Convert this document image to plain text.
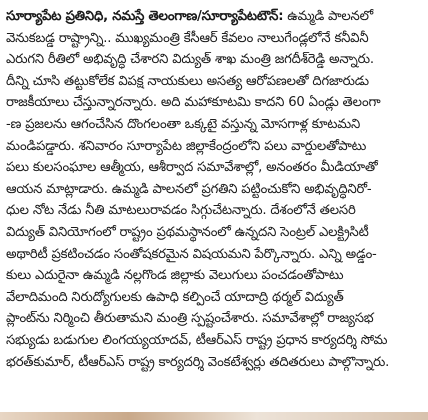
సూర్యాపేట ప్రతినిధి, నమస్తే తెలంగాణ/సూర్యాపేటటౌన్: ఉమ్మడి పాలనలో
వెనుకబడ్డ రాష్ట్రాన్ని.. ముఖ్యమంత్రి కేసీఆర్ కేవలం నాలుగేండ్లలోనే కనీవినీ
ఎరుగని రీతిలో అభివృద్ధి చేశారని విద్యుత్ శాఖ మంత్రి జగదీశ్‌రెడ్డి అన్నారు.
దీన్ని చూసి తట్టుకోలేక విపక్ష నాయకులు అసత్య ఆరోపణలతో దిగజారుడు
రాజకీయాలు చేస్తున్నారన్నారు. అది మహాకూటమి కాదని 60 ఏండ్లు తెలంగా
-ణ ప్రజలను ఆగంచేసిన దొంగలంతా ఒక్కటై వస్తున్న మోసగాళ్ల కూటమని
మండిపడ్డారు. శనివారం సూర్యాపేట జిల్లాకేంద్రంలోని పలు వార్డులతోపాటు
పలు కులసంఘాల ఆత్మీయ, ఆశీర్వాద సమావేశాల్లో, అనంతరం మీడియాతో
ఆయన మాట్లాడారు. ఉమ్మడి పాలనలో ప్రగతిని పట్టించుకోని అభివృద్ధినిరో-
ధుల నోట నేడు నీతి మాటలురావడం సిగ్గుచేటన్నారు. దేశంలోనే తలసరి
విద్యుత్ వినియోగంలో రాష్ట్రం ప్రథమస్థానంలో ఉన్నదని సెంట్రల్ ఎలక్ట్రిసిటీ
అథారిటీ ప్రకటించడం సంతోషకరమైన విషయమని పేర్కొన్నారు. ఎన్ని అడ్డం-
కులు ఎదురైనా ఉమ్మడి నల్లగొండ జిల్లాకు వెలుగులు పంచడంతోపాటు
వేలాదిమంది నిరుద్యోగులకు ఉపాధి కల్పించే యాదాద్రి థర్మల్ విద్యుత్
ప్లాంట్‌ను నిర్మించి తీరుతామని మంత్రి స్పష్టంచేశారు. సమావేశాల్లో రాజ్యసభ
సభ్యుడు బడుగుల లింగయ్యయాదవ్, టీఆర్‌ఎస్ రాష్ట్ర ప్రధాన కార్యదర్శి సోమ
భరత్‌కుమార్, టీఆర్‌ఎస్ రాష్ట్ర కార్యదర్శి వెంకటేశ్వర్లు తదితరులు పాల్గొన్నారు.
